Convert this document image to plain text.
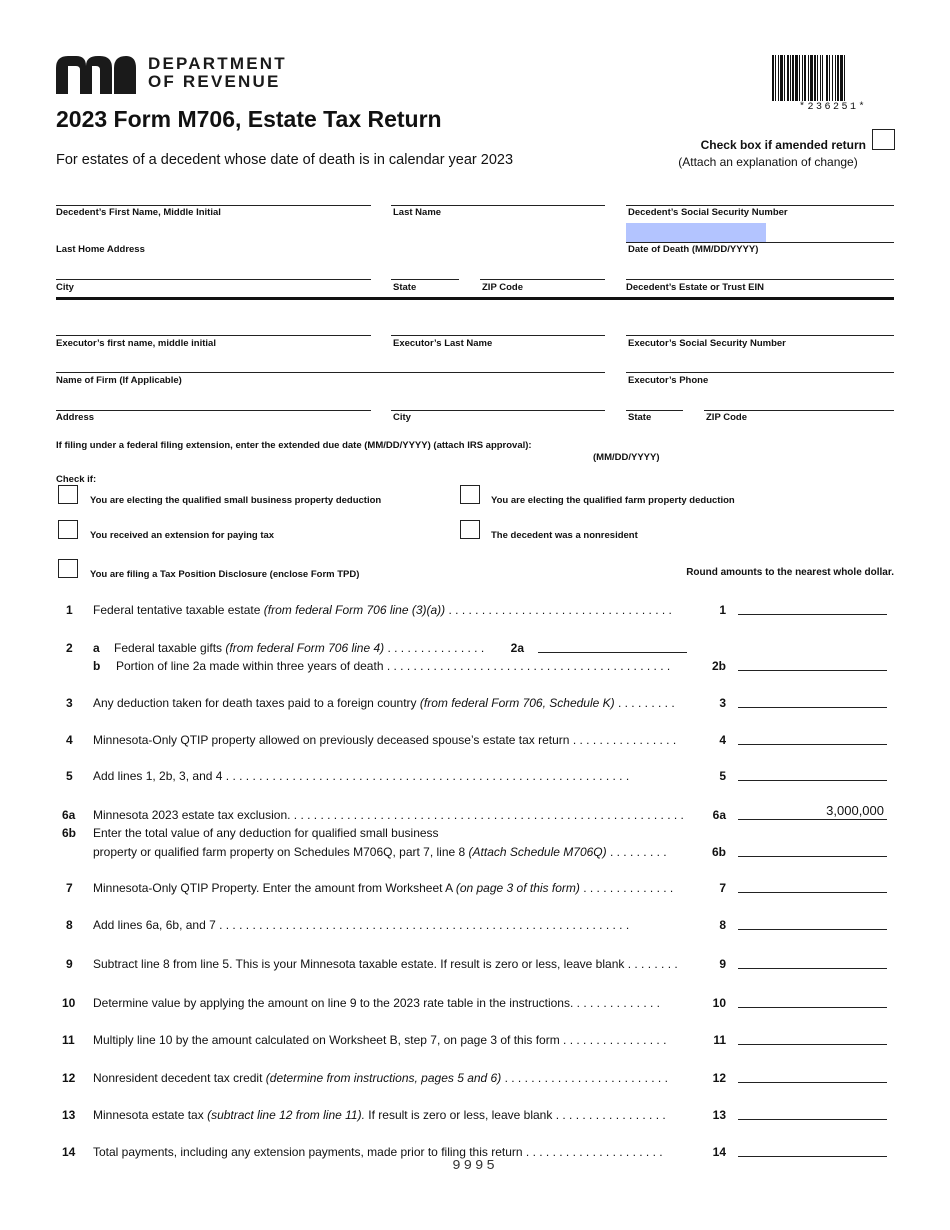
DEPARTMENT
OF REVENUE
*236251*
2023 Form M706, Estate Tax Return
For estates of a decedent whose date of death is in calendar year 2023
Check box if amended return
(Attach an explanation of change)
Decedent’s First Name, Middle Initial	Last Name	Decedent’s Social Security Number
Last Home Address	Date of Death (MM/DD/YYYY)
City	State	ZIP Code	Decedent’s Estate or Trust EIN
Executor’s first name, middle initial	Executor’s Last Name	Executor’s Social Security Number
Name of Firm (If Applicable)	Executor’s Phone
Address	City	State	ZIP Code
If filing under a federal filing extension, enter the extended due date (MM/DD/YYYY) (attach IRS approval):
(MM/DD/YYYY)
Check if:
You are electing the qualified small business property deduction	You are electing the qualified farm property deduction
You received an extension for paying tax	The decedent was a nonresident
You are filing a Tax Position Disclosure (enclose Form TPD)	Round amounts to the nearest whole dollar.
1 Federal tentative taxable estate (from federal Form 706 line (3)(a)) . . . . . . . . . . . . . . . . . . . . . . . . . . . . . . . . . .	1
2 a Federal taxable gifts (from federal Form 706 line 4) . . . . . . . . . . . . . . .	2a
b Portion of line 2a made within three years of death . . . . . . . . . . . . . . . . . . . . . . . . . . . . . . . . . . . . . . . . . . .	2b
3 Any deduction taken for death taxes paid to a foreign country (from federal Form 706, Schedule K) . . . . . . . . .	3
4 Minnesota-Only QTIP property allowed on previously deceased spouse’s estate tax return . . . . . . . . . . . . . . . .	4
5 Add lines 1, 2b, 3, and 4 . . . . . . . . . . . . . . . . . . . . . . . . . . . . . . . . . . . . . . . . . . . . . . . . . . . . . . . . . . . . .	5
6a Minnesota 2023 estate tax exclusion. . . . . . . . . . . . . . . . . . . . . . . . . . . . . . . . . . . . . . . . . . . . . . . . . . . . . . . . . . . .	6a	3,000,000
6b Enter the total value of any deduction for qualified small business
property or qualified farm property on Schedules M706Q, part 7, line 8 (Attach Schedule M706Q) . . . . . . . . .	6b
7 Minnesota-Only QTIP Property. Enter the amount from Worksheet A (on page 3 of this form) . . . . . . . . . . . . . .	7
8 Add lines 6a, 6b, and 7 . . . . . . . . . . . . . . . . . . . . . . . . . . . . . . . . . . . . . . . . . . . . . . . . . . . . . . . . . . . . . .	8
9 Subtract line 8 from line 5. This is your Minnesota taxable estate. If result is zero or less, leave blank . . . . . . . .	9
10 Determine value by applying the amount on line 9 to the 2023 rate table in the instructions. . . . . . . . . . . . . .	10
11 Multiply line 10 by the amount calculated on Worksheet B, step 7, on page 3 of this form . . . . . . . . . . . . . . . .	11
12 Nonresident decedent tax credit (determine from instructions, pages 5 and 6) . . . . . . . . . . . . . . . . . . . . . . . . .	12
13 Minnesota estate tax (subtract line 12 from line 11). If result is zero or less, leave blank . . . . . . . . . . . . . . . . .	13
14 Total payments, including any extension payments, made prior to filing this return . . . . . . . . . . . . . . . . . . . . .	14
9995
